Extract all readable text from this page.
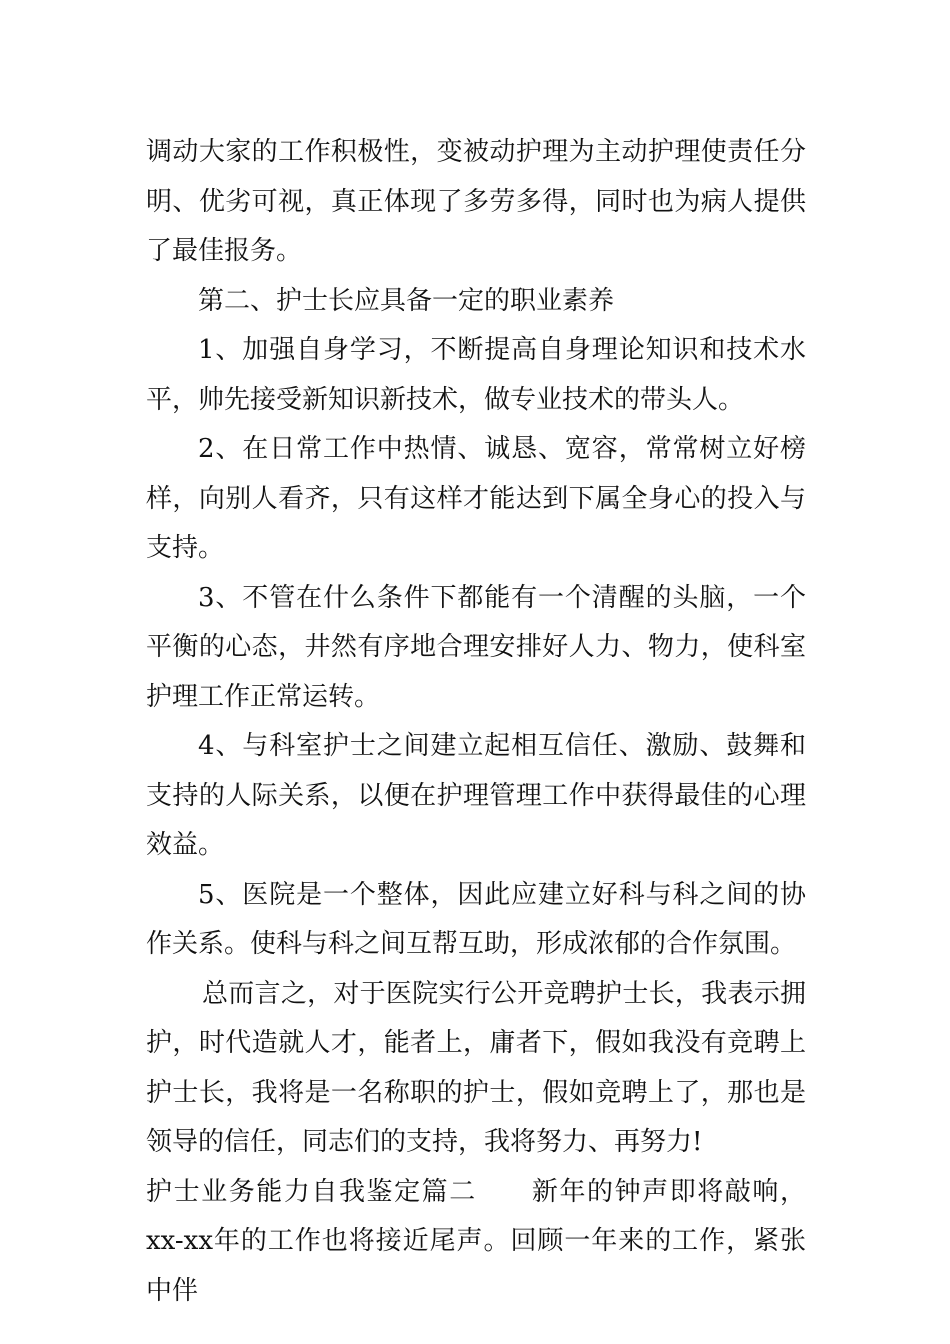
调动大家的工作积极性，变被动护理为主动护理使责任分明、优劣可视，真正体现了多劳多得，同时也为病人提供了最佳报务。

第二、护士长应具备一定的职业素养

1、加强自身学习，不断提高自身理论知识和技术水平，帅先接受新知识新技术，做专业技术的带头人。

2、在日常工作中热情、诚恳、宽容，常常树立好榜样，向别人看齐，只有这样才能达到下属全身心的投入与支持。

3、不管在什么条件下都能有一个清醒的头脑，一个平衡的心态，井然有序地合理安排好人力、物力，使科室护理工作正常运转。

4、与科室护士之间建立起相互信任、激励、鼓舞和支持的人际关系，以便在护理管理工作中获得最佳的心理效益。

5、医院是一个整体，因此应建立好科与科之间的协作关系。使科与科之间互帮互助，形成浓郁的合作氛围。

总而言之，对于医院实行公开竞聘护士长，我表示拥护，时代造就人才，能者上，庸者下，假如我没有竞聘上护士长，我将是一名称职的护士，假如竞聘上了，那也是领导的信任，同志们的支持，我将努力、再努力!

护士业务能力自我鉴定篇二　　新年的钟声即将敲响，xx-xx年的工作也将接近尾声。回顾一年来的工作，紧张中伴
